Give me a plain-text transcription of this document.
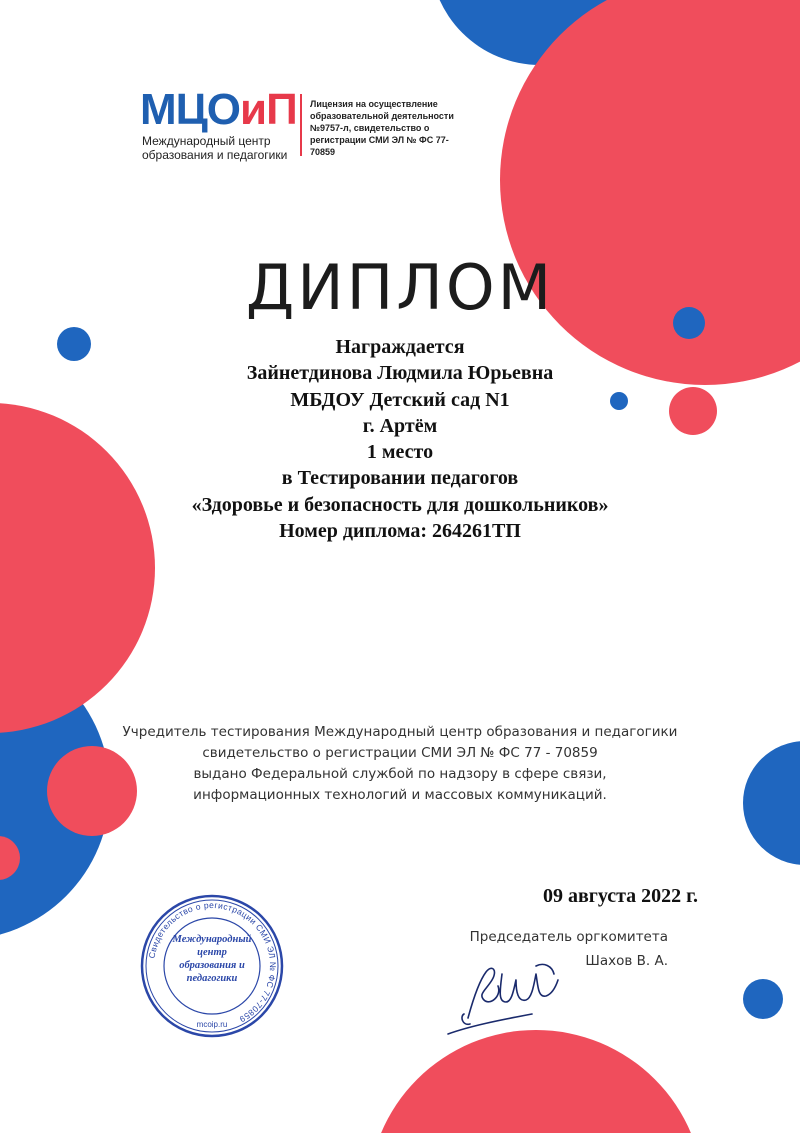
МЦОиП
Международный центр
образования и педагогики
Лицензия на осуществление образовательной деятельности №9757-л, свидетельство о регистрации СМИ ЭЛ № ФС 77-70859
ДИПЛОМ
Награждается
Зайнетдинова Людмила Юрьевна
МБДОУ Детский сад N1
г. Артём
1 место
в Тестировании педагогов
«Здоровье и безопасность для дошкольников»
Номер диплома: 264261ТП
Учредитель тестирования Международный центр образования и педагогики
свидетельство о регистрации СМИ ЭЛ № ФС 77 - 70859
выдано Федеральной службой по надзору в сфере связи,
информационных технологий и массовых коммуникаций.
09 августа 2022 г.
Свидетельство о регистрации СМИ ЭЛ № ФС 77-70859
Международный
центр
образования и
педагогики
mcoip.ru
Председатель оргкомитета
Шахов В. А.
